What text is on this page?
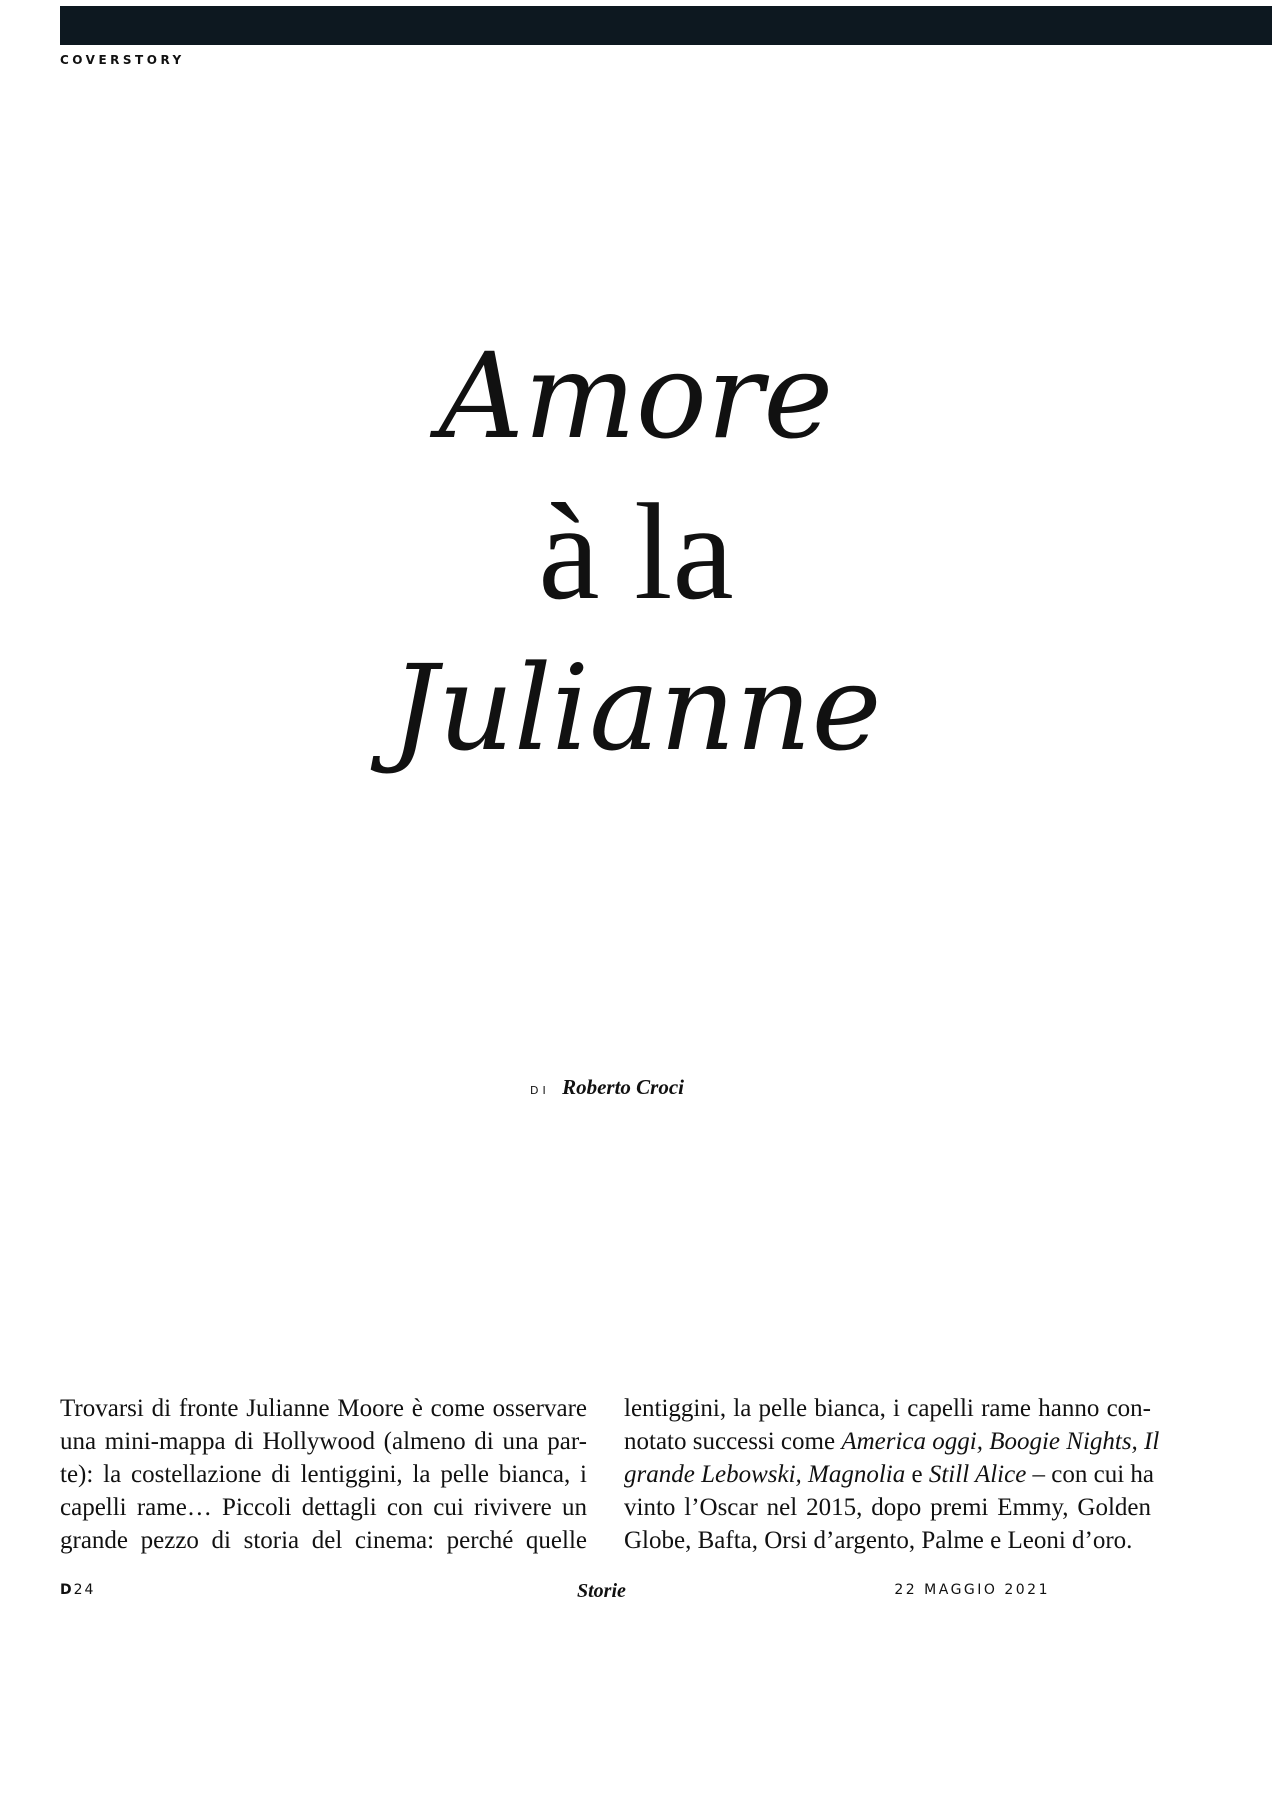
COVERSTORY
Amore
à la
Julianne
DI Roberto Croci
Trovarsi di fronte Julianne Moore è come osservare
una mini-mappa di Hollywood (almeno di una par-
te): la costellazione di lentiggini, la pelle bianca, i
capelli rame… Piccoli dettagli con cui rivivere un
grande pezzo di storia del cinema: perché quelle
lentiggini, la pelle bianca, i capelli rame hanno con-
notato successi come America oggi, Boogie Nights, Il
grande Lebowski, Magnolia e Still Alice – con cui ha
vinto l’Oscar nel 2015, dopo premi Emmy, Golden
Globe, Bafta, Orsi d’argento, Palme e Leoni d’oro.
D24	Storie	22 MAGGIO 2021
